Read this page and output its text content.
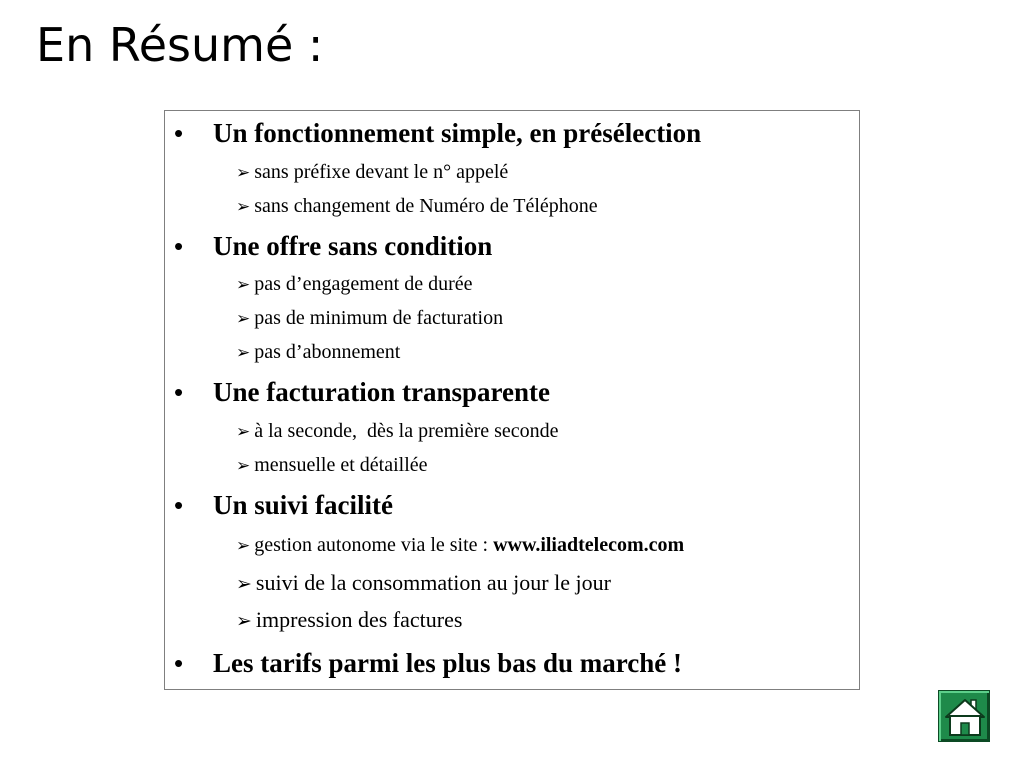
En Résumé :
• Un fonctionnement simple, en présélection
➢ sans préfixe devant le n° appelé
➢ sans changement de Numéro de Téléphone
• Une offre sans condition
➢ pas d’engagement de durée
➢ pas de minimum de facturation
➢ pas d’abonnement
• Une facturation transparente
➢ à la seconde,  dès la première seconde
➢ mensuelle et détaillée
• Un suivi facilité
➢ gestion autonome via le site : www.iliadtelecom.com
➢ suivi de la consommation au jour le jour
➢ impression des factures
• Les tarifs parmi les plus bas du marché !
